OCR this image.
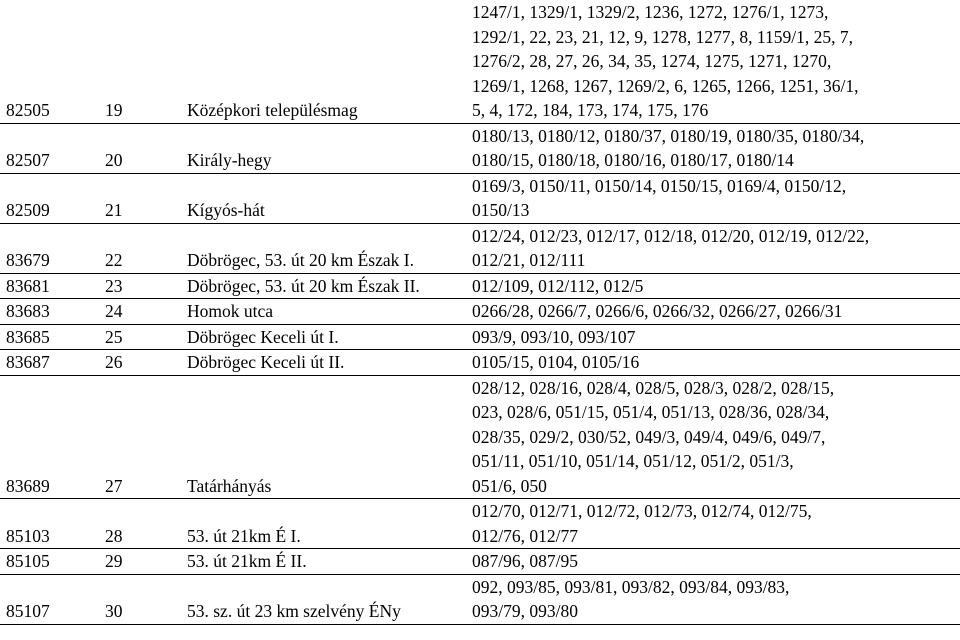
82505	19	Középkori településmag	1247/1, 1329/1, 1329/2, 1236, 1272, 1276/1, 1273,
1292/1, 22, 23, 21, 12, 9, 1278, 1277, 8, 1159/1, 25, 7,
1276/2, 28, 27, 26, 34, 35, 1274, 1275, 1271, 1270,
1269/1, 1268, 1267, 1269/2, 6, 1265, 1266, 1251, 36/1,
5, 4, 172, 184, 173, 174, 175, 176

82507	20	Király-hegy	0180/13, 0180/12, 0180/37, 0180/19, 0180/35, 0180/34,
0180/15, 0180/18, 0180/16, 0180/17, 0180/14

82509	21	Kígyós-hát	0169/3, 0150/11, 0150/14, 0150/15, 0169/4, 0150/12,
0150/13

83679	22	Döbrögec, 53. út 20 km Észak I.	012/24, 012/23, 012/17, 012/18, 012/20, 012/19, 012/22,
012/21, 012/111

83681	23	Döbrögec, 53. út 20 km Észak II.	012/109, 012/112, 012/5

83683	24	Homok utca	0266/28, 0266/7, 0266/6, 0266/32, 0266/27, 0266/31

83685	25	Döbrögec Keceli út I.	093/9, 093/10, 093/107

83687	26	Döbrögec Keceli út II.	0105/15, 0104, 0105/16

83689	27	Tatárhányás	028/12, 028/16, 028/4, 028/5, 028/3, 028/2, 028/15,
023, 028/6, 051/15, 051/4, 051/13, 028/36, 028/34,
028/35, 029/2, 030/52, 049/3, 049/4, 049/6, 049/7,
051/11, 051/10, 051/14, 051/12, 051/2, 051/3,
051/6, 050

85103	28	53. út 21km É I.	012/70, 012/71, 012/72, 012/73, 012/74, 012/75,
012/76, 012/77

85105	29	53. út 21km É II.	087/96, 087/95

85107	30	53. sz. út 23 km szelvény ÉNy	092, 093/85, 093/81, 093/82, 093/84, 093/83,
093/79, 093/80
